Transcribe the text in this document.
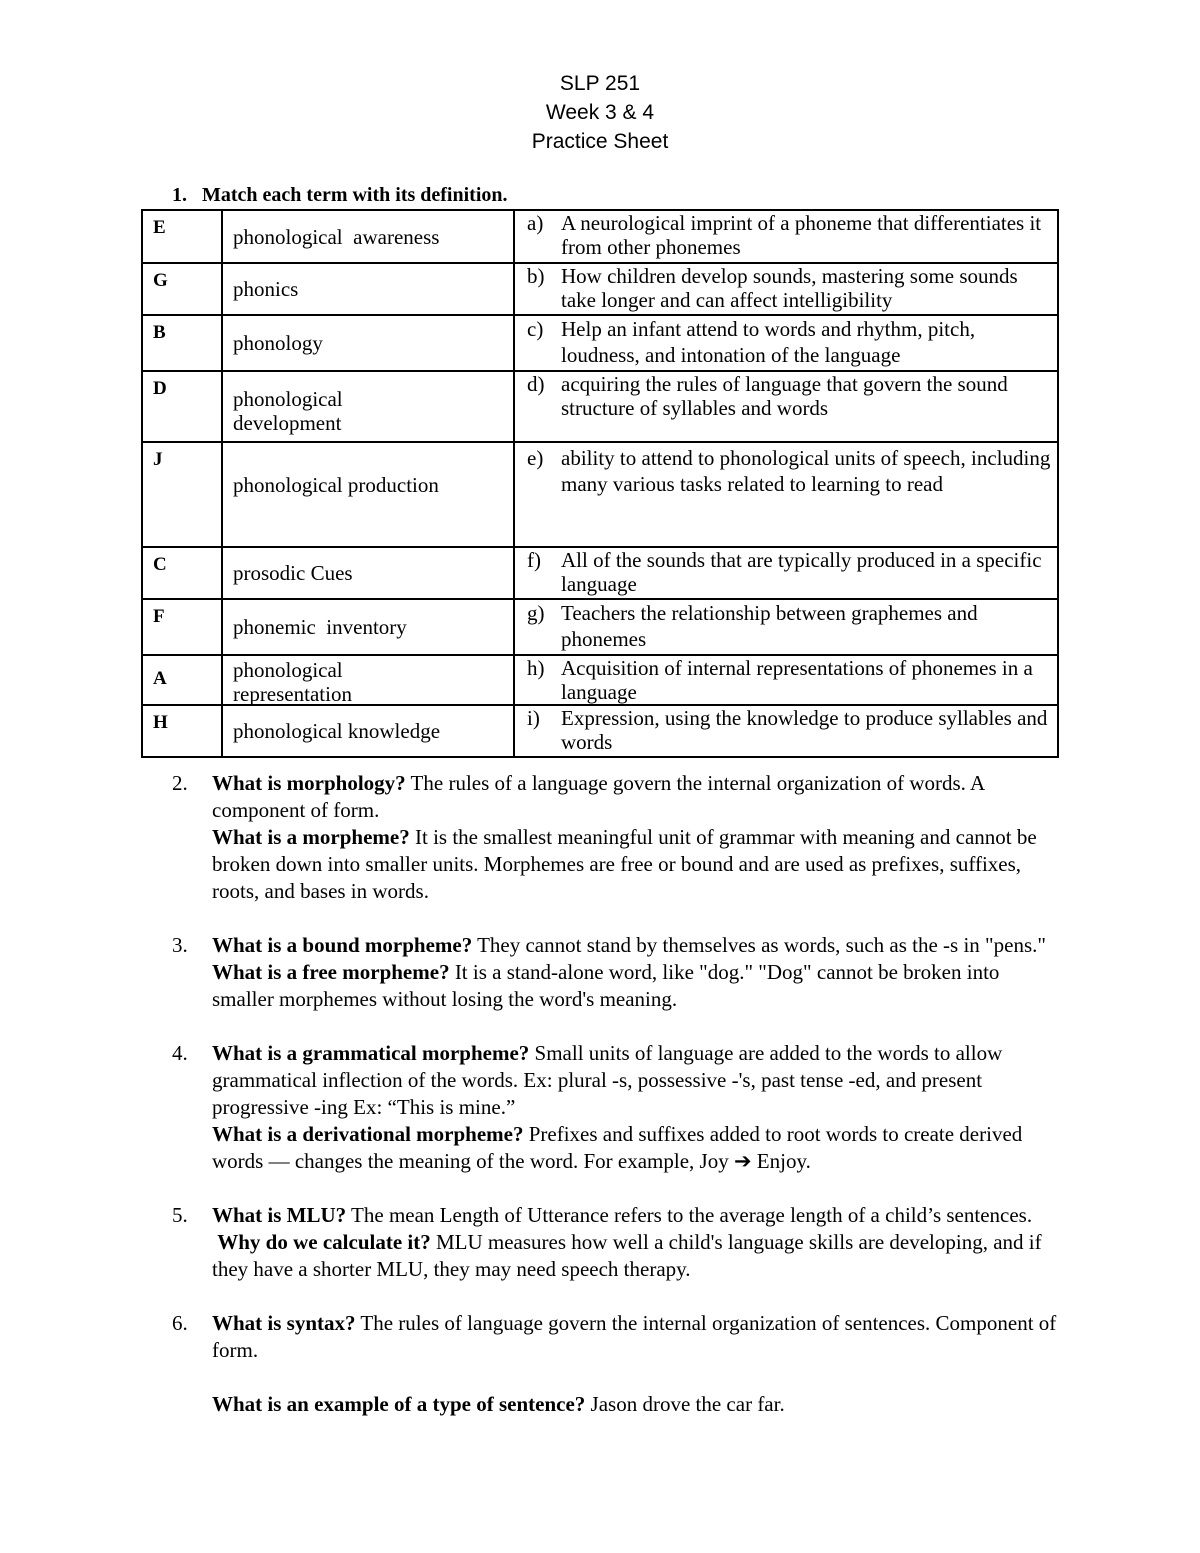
SLP 251
Week 3 & 4
Practice Sheet
1.   Match each term with its definition.
E	phonological  awareness	a) A neurological imprint of a phoneme that differentiates it from other phonemes

G	phonics	b) How children develop sounds, mastering some sounds take longer and can affect intelligibility

B	phonology	c) Help an infant attend to words and rhythm, pitch, loudness, and intonation of the language

D	phonological development	d) acquiring the rules of language that govern the sound structure of syllables and words

J	phonological production	e) ability to attend to phonological units of speech, including many various tasks related to learning to read

C	prosodic Cues	f) All of the sounds that are typically produced in a specific language

F	phonemic  inventory	g) Teachers the relationship between graphemes and phonemes

A	phonological representation	h) Acquisition of internal representations of phonemes in a language

H	phonological knowledge	i) Expression, using the knowledge to produce syllables and words
2. What is morphology? The rules of a language govern the internal organization of words. A component of form.
What is a morpheme? It is the smallest meaningful unit of grammar with meaning and cannot be broken down into smaller units. Morphemes are free or bound and are used as prefixes, suffixes, roots, and bases in words.
3. What is a bound morpheme? They cannot stand by themselves as words, such as the -s in "pens."
What is a free morpheme? It is a stand-alone word, like "dog." "Dog" cannot be broken into smaller morphemes without losing the word's meaning.
4. What is a grammatical morpheme? Small units of language are added to the words to allow grammatical inflection of the words. Ex: plural -s, possessive -'s, past tense -ed, and present progressive -ing Ex: “This is mine.”
What is a derivational morpheme? Prefixes and suffixes added to root words to create derived words — changes the meaning of the word. For example, Joy ➔ Enjoy.
5. What is MLU? The mean Length of Utterance refers to the average length of a child’s sentences.
Why do we calculate it? MLU measures how well a child's language skills are developing, and if they have a shorter MLU, they may need speech therapy.
6. What is syntax? The rules of language govern the internal organization of sentences. Component of form.
What is an example of a type of sentence? Jason drove the car far.
